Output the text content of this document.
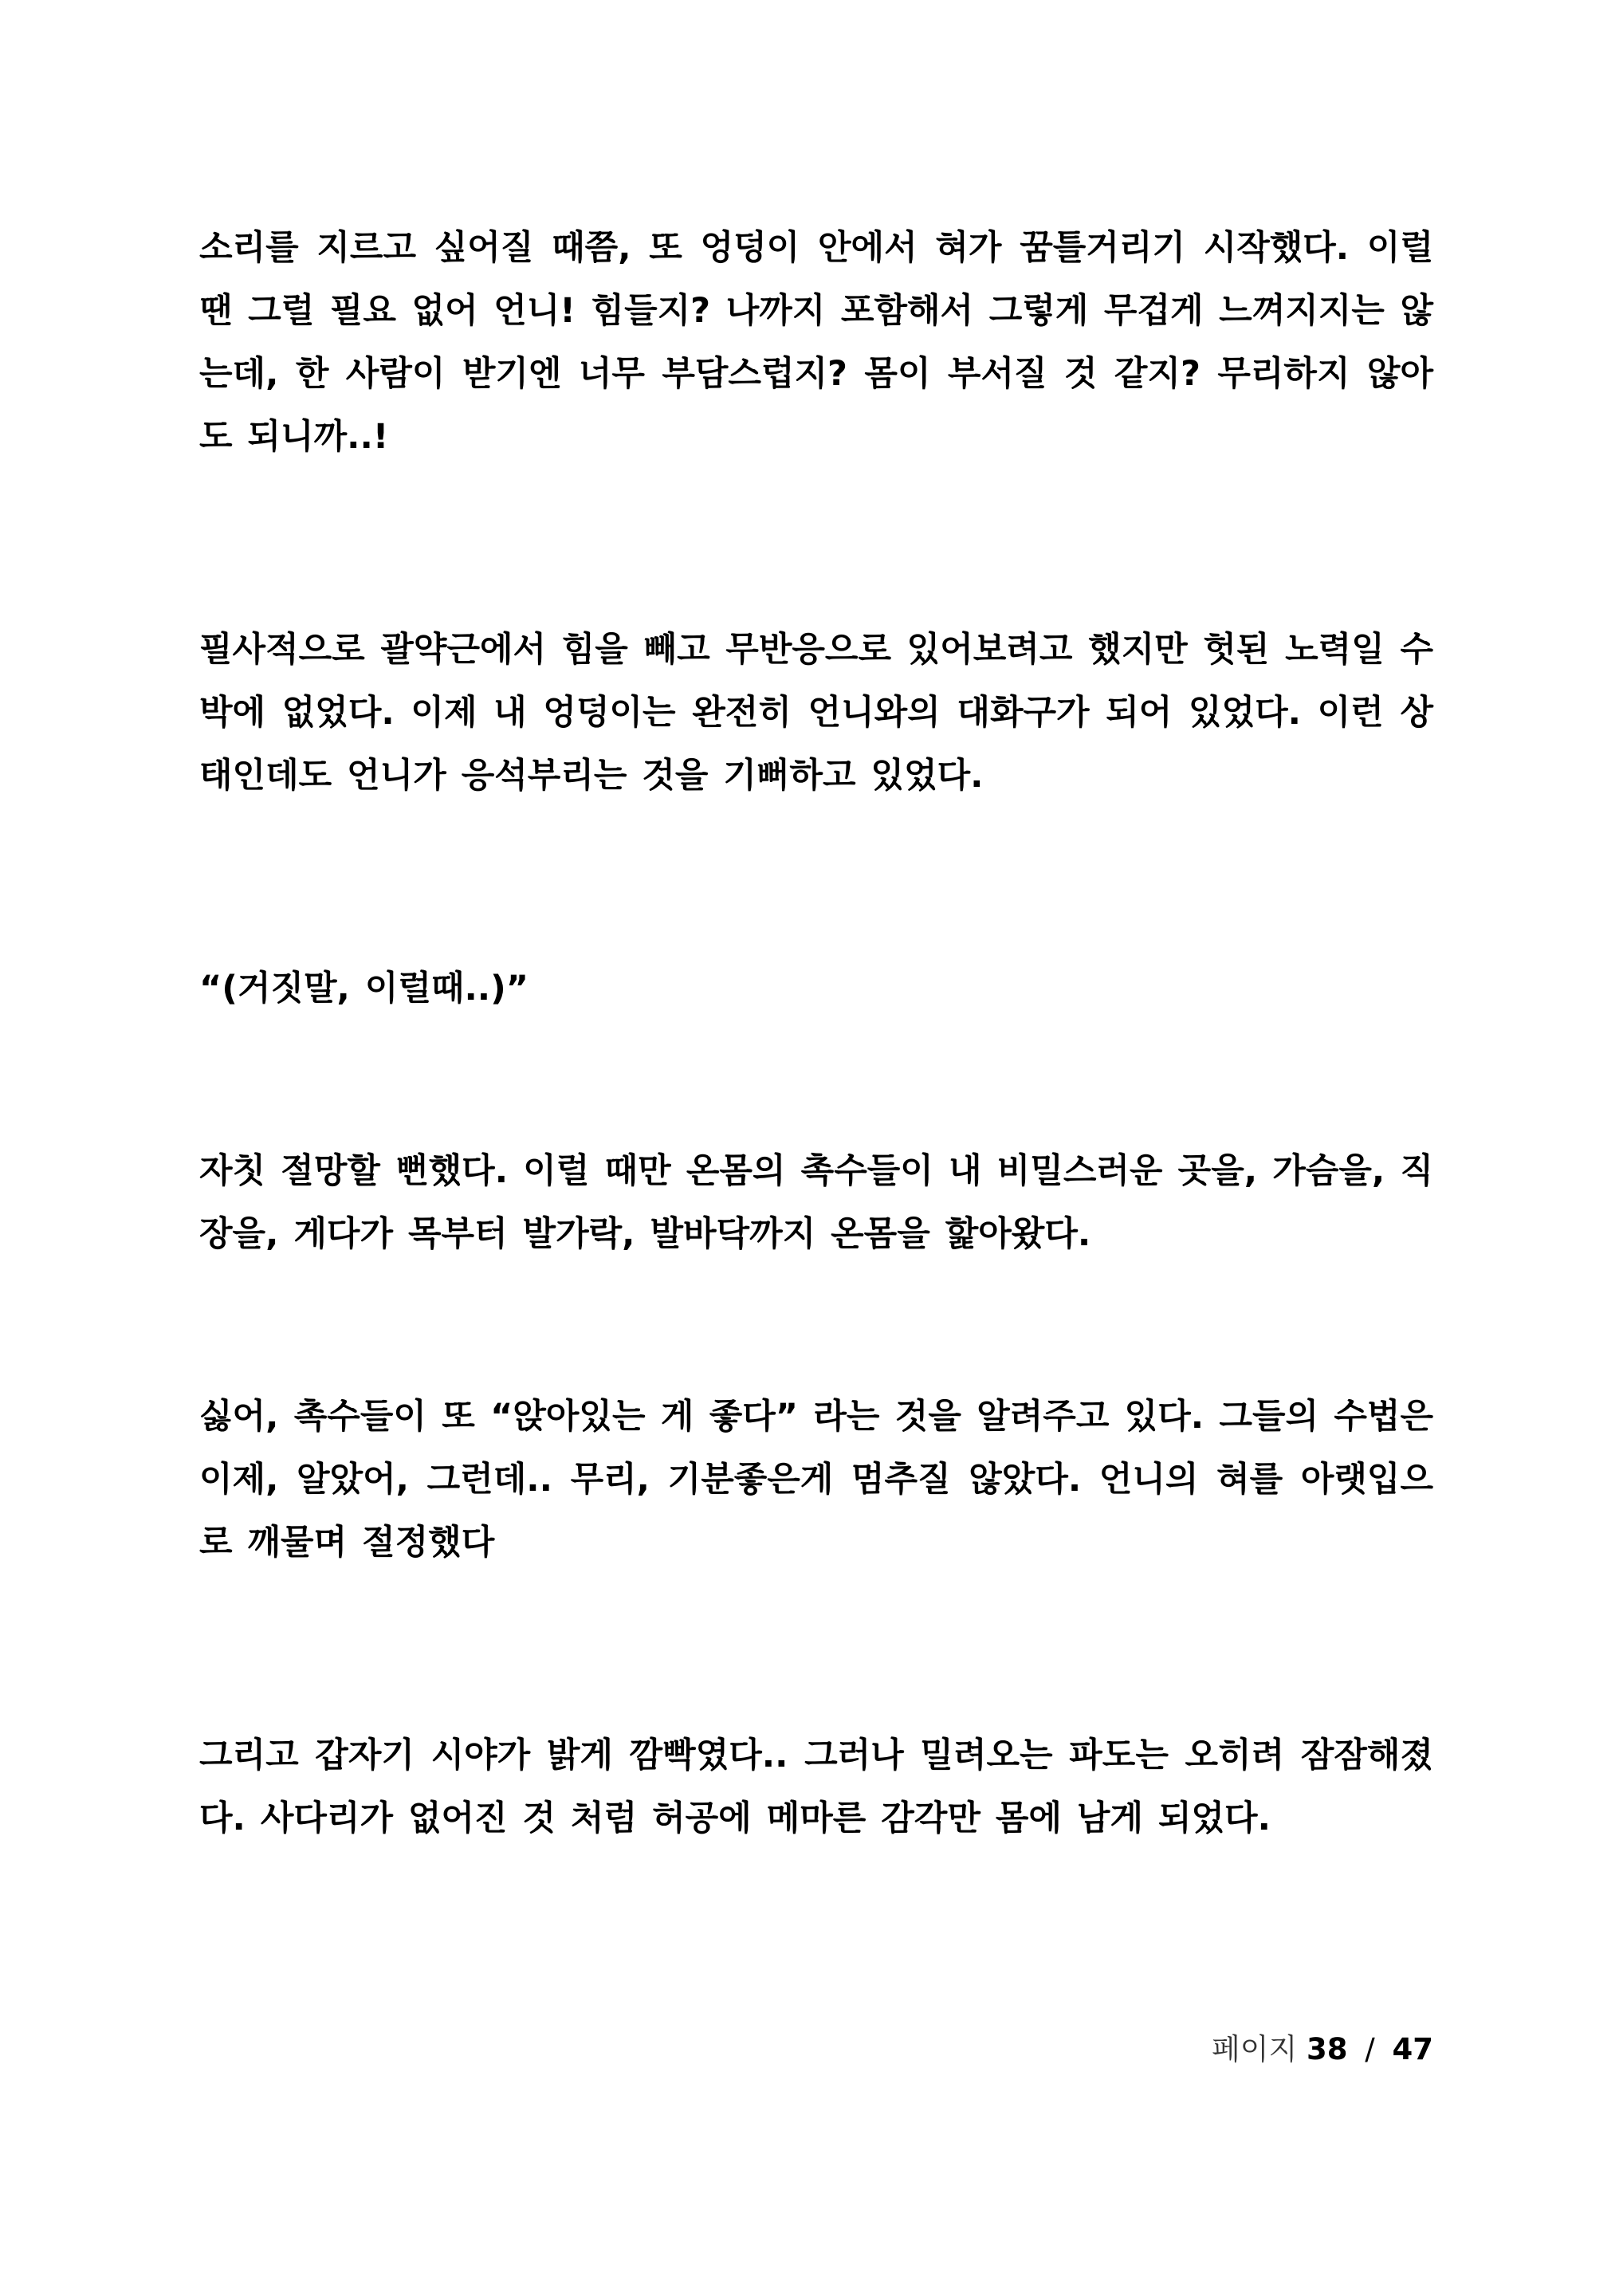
소리를 지르고 싶어질 때쯤, 또 엉덩이 안에서 혀가 꿈틀거리기 시작했다. 이럴 땐 그럴 필요 없어 언니! 힘들지? 나까지 포함해서 그렇게 무겁게 느껴지지는 않는데, 한 사람이 받기엔 너무 부담스럽지? 몸이 부서질 것 같지? 무리하지 않아도 되니까..!

필사적으로 괄약근에서 힘을 빼고 무반응으로 있어보려고 했지만 헛된 노력일 수박에 없었다. 이제 내 엉덩이는 완전히 언니와의 대화구가 되어 있었다. 이런 상태인데도 언니가 응석부리는 것을 기뻐하고 있었다.

“(거짓말, 이럴때..)”

자칫 절망할 뻔했다. 이럴 때만 온몸의 촉수들이 내 비밀스러운 곳을, 가슴을, 직장을, 게다가 목부터 발가락, 발바닥까지 온몸을 핥아왔다.

싫어, 촉수들이 또 “앉아있는 게 좋다” 라는 것을 알려주고 있다. 그들의 수법은 이제, 알았어, 그런데.. 무리, 기분좋은게 멈추질 않았다. 언니의 혀를 아랫입으로 깨물며 절정했다

그리고 갑자기 시야가 밝게 깜빡였다.. 그러나 밀려오는 파도는 오히려 잠잠해졌다. 사다리가 없어진 것 처럼 허공에 메마른 감각만 몸에 남게 되었다.

페이지 38 / 47
